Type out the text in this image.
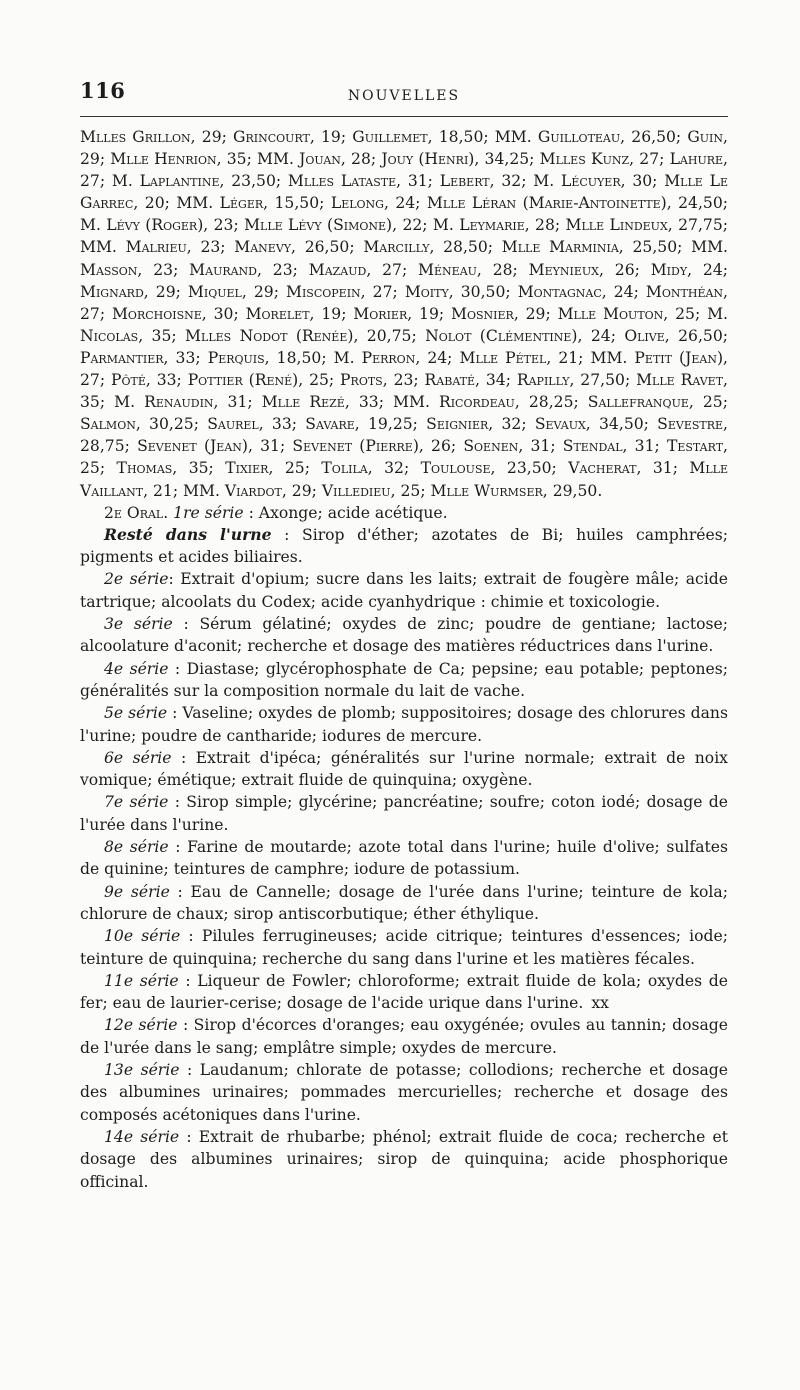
116	NOUVELLES

Mlles Grillon, 29; Grincourt, 19; Guillemet, 18,50; MM. Guilloteau, 26,50; Guin, 29; Mlle Henrion, 35; MM. Jouan, 28; Jouy (Henri), 34,25; Mlles Kunz, 27; Lahure, 27; M. Laplantine, 23,50; Mlles Lataste, 31; Lebert, 32; M. Lécuyer, 30; Mlle Le Garrec, 20; MM. Léger, 15,50; Lelong, 24; Mlle Léran (Marie-Antoinette), 24,50; M. Lévy (Roger), 23; Mlle Lévy (Simone), 22; M. Leymarie, 28; Mlle Lindeux, 27,75; MM. Malrieu, 23; Manevy, 26,50; Marcilly, 28,50; Mlle Marminia, 25,50; MM. Masson, 23; Maurand, 23; Mazaud, 27; Méneau, 28; Meynieux, 26; Midy, 24; Mignard, 29; Miquel, 29; Miscopein, 27; Moity, 30,50; Montagnac, 24; Monthéan, 27; Morchoisne, 30; Morelet, 19; Morier, 19; Mosnier, 29; Mlle Mouton, 25; M. Nicolas, 35; Mlles Nodot (Renée), 20,75; Nolot (Clémentine), 24; Olive, 26,50; Parmantier, 33; Perquis, 18,50; M. Perron, 24; Mlle Pétel, 21; MM. Petit (Jean), 27; Pôté, 33; Pottier (René), 25; Prots, 23; Rabaté, 34; Rapilly, 27,50; Mlle Ravet, 35; M. Renaudin, 31; Mlle Rezé, 33; MM. Ricordeau, 28,25; Sallefranque, 25; Salmon, 30,25; Saurel, 33; Savare, 19,25; Seignier, 32; Sevaux, 34,50; Sevestre, 28,75; Sevenet (Jean), 31; Sevenet (Pierre), 26; Soenen, 31; Stendal, 31; Testart, 25; Thomas, 35; Tixier, 25; Tolila, 32; Toulouse, 23,50; Vacherat, 31; Mlle Vaillant, 21; MM. Viardot, 29; Villedieu, 25; Mlle Wurmser, 29,50.

2e Oral. 1re série : Axonge; acide acétique.

Resté dans l'urne : Sirop d'éther; azotates de Bi; huiles camphrées; pigments et acides biliaires.

2e série: Extrait d'opium; sucre dans les laits; extrait de fougère mâle; acide tartrique; alcoolats du Codex; acide cyanhydrique : chimie et toxicologie.

3e série : Sérum gélatiné; oxydes de zinc; poudre de gentiane; lactose; alcoolature d'aconit; recherche et dosage des matières réductrices dans l'urine.

4e série : Diastase; glycérophosphate de Ca; pepsine; eau potable; peptones; généralités sur la composition normale du lait de vache.

5e série : Vaseline; oxydes de plomb; suppositoires; dosage des chlorures dans l'urine; poudre de cantharide; iodures de mercure.

6e série : Extrait d'ipéca; généralités sur l'urine normale; extrait de noix vomique; émétique; extrait fluide de quinquina; oxygène.

7e série : Sirop simple; glycérine; pancréatine; soufre; coton iodé; dosage de l'urée dans l'urine.

8e série : Farine de moutarde; azote total dans l'urine; huile d'olive; sulfates de quinine; teintures de camphre; iodure de potassium.

9e série : Eau de Cannelle; dosage de l'urée dans l'urine; teinture de kola; chlorure de chaux; sirop antiscorbutique; éther éthylique.

10e série : Pilules ferrugineuses; acide citrique; teintures d'essences; iode; teinture de quinquina; recherche du sang dans l'urine et les matières fécales.

11e série : Liqueur de Fowler; chloroforme; extrait fluide de kola; oxydes de fer; eau de laurier-cerise; dosage de l'acide urique dans l'urine. xx

12e série : Sirop d'écorces d'oranges; eau oxygénée; ovules au tannin; dosage de l'urée dans le sang; emplâtre simple; oxydes de mercure.

13e série : Laudanum; chlorate de potasse; collodions; recherche et dosage des albumines urinaires; pommades mercurielles; recherche et dosage des composés acétoniques dans l'urine.

14e série : Extrait de rhubarbe; phénol; extrait fluide de coca; recherche et dosage des albumines urinaires; sirop de quinquina; acide phosphorique officinal.
